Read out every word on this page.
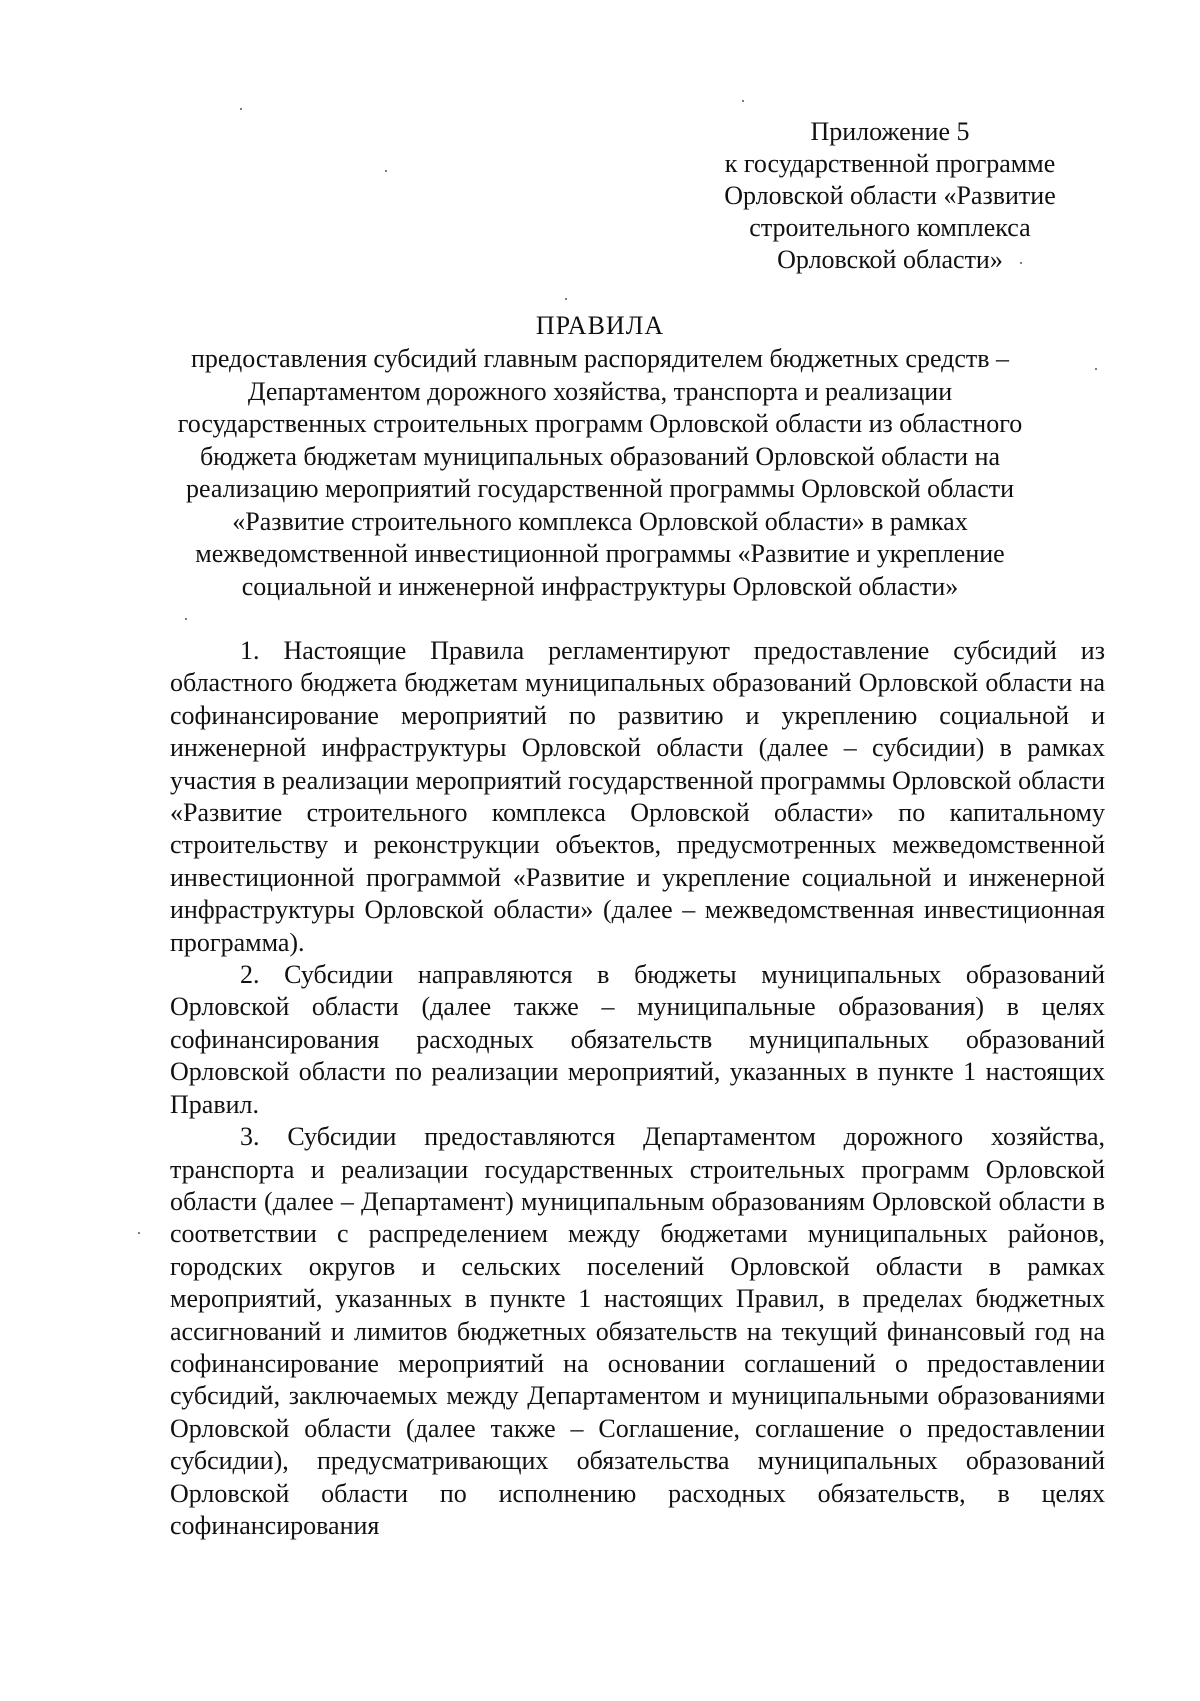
Приложение 5
к государственной программе
Орловской области «Развитие
строительного комплекса
Орловской области»
ПРАВИЛА
предоставления субсидий главным распорядителем бюджетных средств –
Департаментом дорожного хозяйства, транспорта и реализации
государственных строительных программ Орловской области из областного
бюджета бюджетам муниципальных образований Орловской области на
реализацию мероприятий государственной программы Орловской области
«Развитие строительного комплекса Орловской области» в рамках
межведомственной инвестиционной программы «Развитие и укрепление
социальной и инженерной инфраструктуры Орловской области»

1. Настоящие Правила регламентируют предоставление субсидий из областного бюджета бюджетам муниципальных образований Орловской области на софинансирование мероприятий по развитию и укреплению социальной и инженерной инфраструктуры Орловской области (далее – субсидии) в рамках участия в реализации мероприятий государственной программы Орловской области «Развитие строительного комплекса Орловской области» по капитальному строительству и реконструкции объектов, предусмотренных межведомственной инвестиционной программой «Развитие и укрепление социальной и инженерной инфраструктуры Орловской области» (далее – межведомственная инвестиционная программа).

2. Субсидии направляются в бюджеты муниципальных образований Орловской области (далее также – муниципальные образования) в целях софинансирования расходных обязательств муниципальных образований Орловской области по реализации мероприятий, указанных в пункте 1 настоящих Правил.

3. Субсидии предоставляются Департаментом дорожного хозяйства, транспорта и реализации государственных строительных программ Орловской области (далее – Департамент) муниципальным образованиям Орловской области в соответствии с распределением между бюджетами муниципальных районов, городских округов и сельских поселений Орловской области в рамках мероприятий, указанных в пункте 1 настоящих Правил, в пределах бюджетных ассигнований и лимитов бюджетных обязательств на текущий финансовый год на софинансирование мероприятий на основании соглашений о предоставлении субсидий, заключаемых между Департаментом и муниципальными образованиями Орловской области (далее также – Соглашение, соглашение о предоставлении субсидии), предусматривающих обязательства муниципальных образований Орловской области по исполнению расходных обязательств, в целях софинансирования
